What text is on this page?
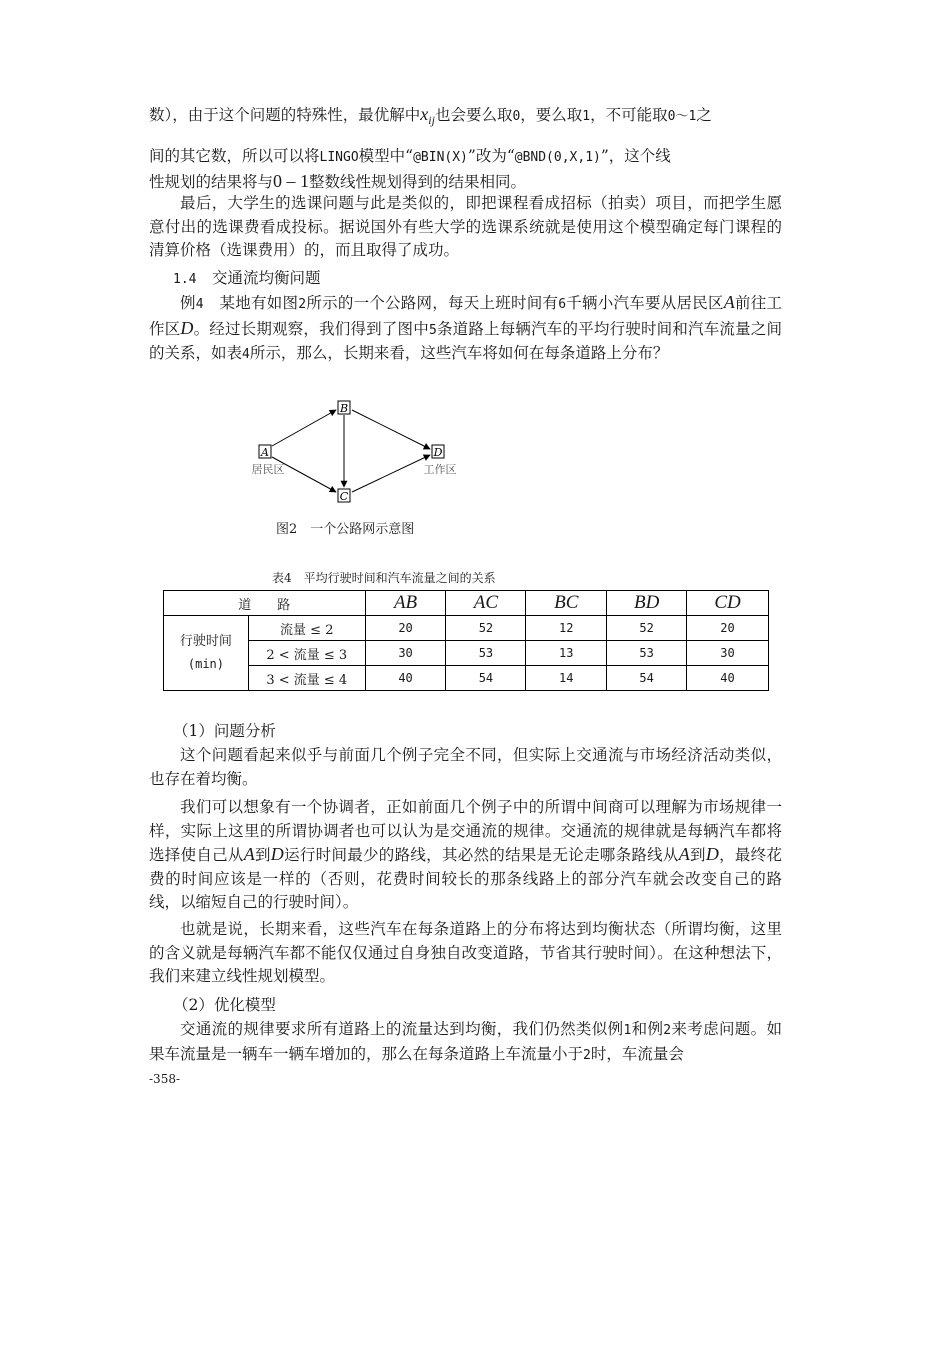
数），由于这个问题的特殊性，最优解中$x_{ij}$也会要么取0，要么取1，不可能取0～1之
间的其它数，所以可以将LINGO模型中“@BIN(X)”改为“@BND(0,X,1)”，这个线
性规划的结果将与0 – 1整数线性规划得到的结果相同。
最后，大学生的选课问题与此是类似的，即把课程看成招标（拍卖）项目，而把学生愿意付出的选课费看成投标。据说国外有些大学的选课系统就是使用这个模型确定每门课程的清算价格（选课费用）的，而且取得了成功。
1.4　 交通流均衡问题
例4　某地有如图2所示的一个公路网，每天上班时间有6千辆小汽车要从居民区A前往工作区D。经过长期观察，我们得到了图中5条道路上每辆汽车的平均行驶时间和汽车流量之间的关系，如表4所示，那么，长期来看，这些汽车将如何在每条道路上分布？
A
B
C
D
居民区	工作区
图2　一个公路网示意图
表4　平均行驶时间和汽车流量之间的关系
道　　路		AB	AC	BC	BD	CD
行驶时间
(min)	流量 ≤ 2	20	52	12	52	20
	2 < 流量 ≤ 3	30	53	13	53	30
	3 < 流量 ≤ 4	40	54	14	54	40
（1）问题分析
这个问题看起来似乎与前面几个例子完全不同，但实际上交通流与市场经济活动类似，也存在着均衡。
我们可以想象有一个协调者，正如前面几个例子中的所谓中间商可以理解为市场规律一样，实际上这里的所谓协调者也可以认为是交通流的规律。交通流的规律就是每辆汽车都将选择使自己从A到D运行时间最少的路线，其必然的结果是无论走哪条路线从A到D，最终花费的时间应该是一样的（否则，花费时间较长的那条线路上的部分汽车就会改变自己的路线，以缩短自己的行驶时间）。
也就是说，长期来看，这些汽车在每条道路上的分布将达到均衡状态（所谓均衡，这里的含义就是每辆汽车都不能仅仅通过自身独自改变道路，节省其行驶时间）。在这种想法下，我们来建立线性规划模型。
（2）优化模型
交通流的规律要求所有道路上的流量达到均衡，我们仍然类似例1和例2来考虑问题。如果车流量是一辆车一辆车增加的，那么在每条道路上车流量小于2时，车流量会
-358-
